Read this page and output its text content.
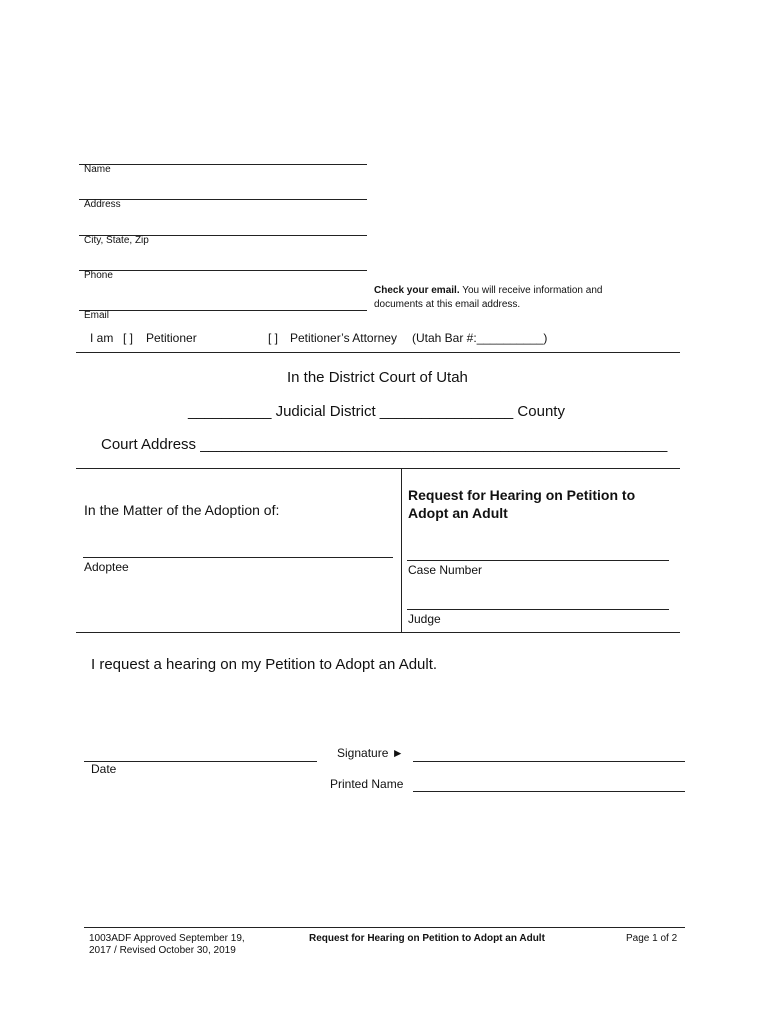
Name
Address
City, State, Zip
Phone
Email
Check your email. You will receive information and
documents at this email address.
I am [ ] Petitioner	[ ] Petitioner’s Attorney (Utah Bar #:__________)
In the District Court of Utah
__________ Judicial District ________________ County
Court Address ________________________________________________________
In the Matter of the Adoption of:
Adoptee
Request for Hearing on Petition to
Adopt an Adult
Case Number
Judge
I request a hearing on my Petition to Adopt an Adult.
Signature ►
Printed Name
Date
1003ADF Approved September 19,
2017 / Revised October 30, 2019
Request for Hearing on Petition to Adopt an Adult	Page 1 of 2
